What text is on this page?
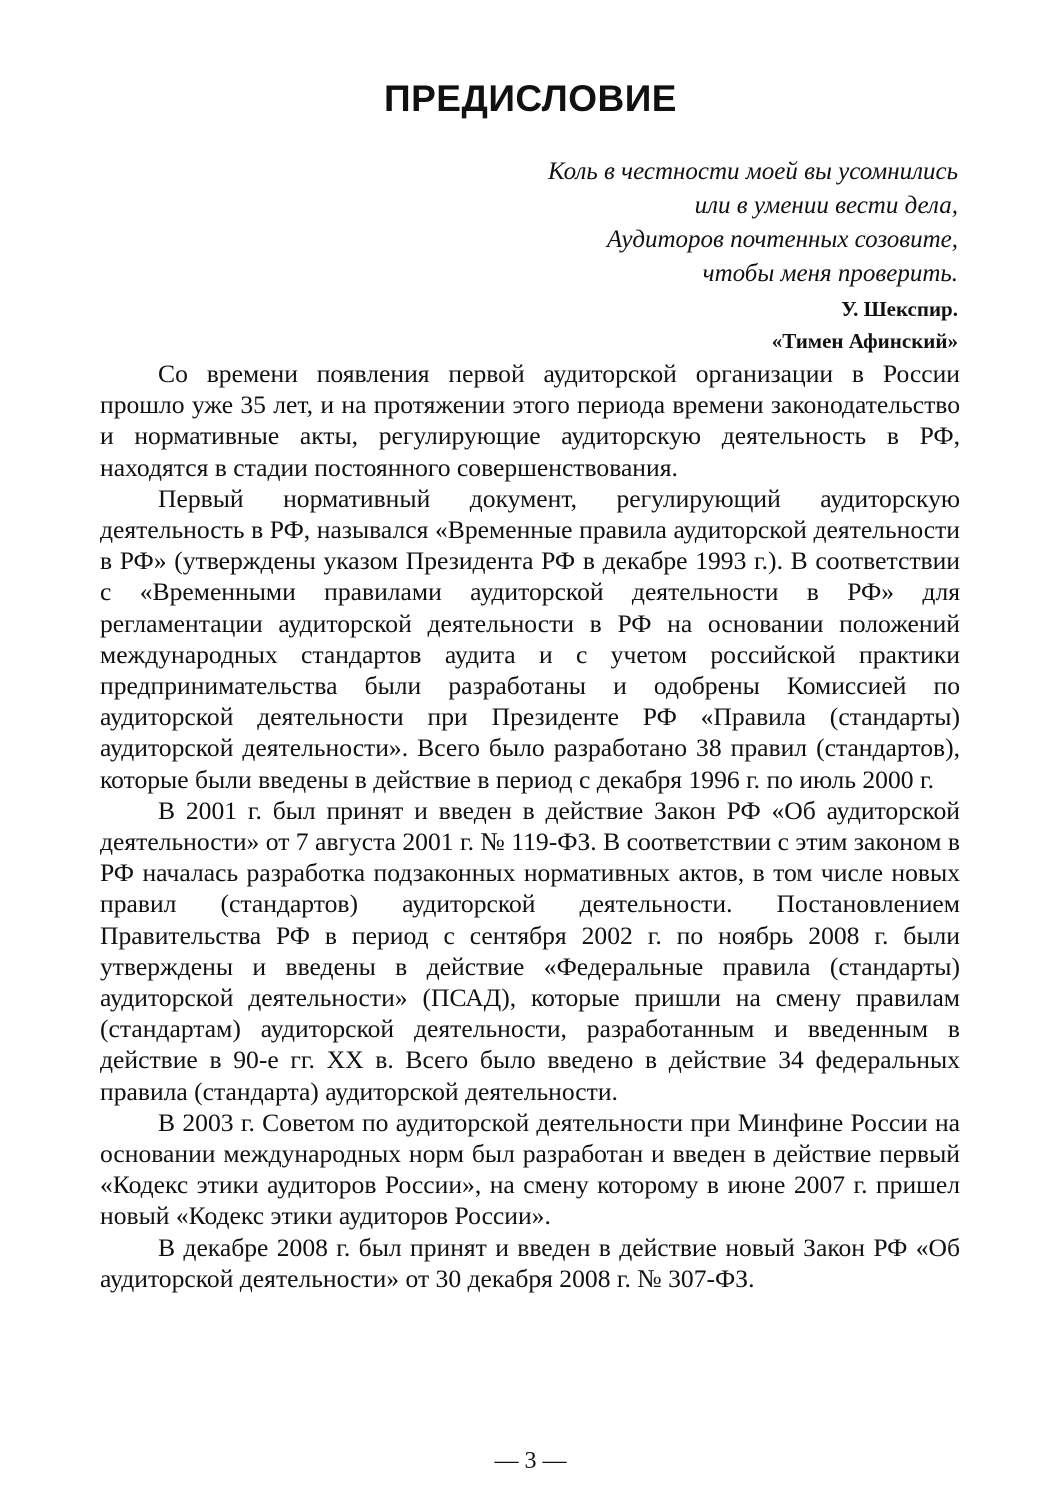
ПРЕДИСЛОВИЕ
Коль в честности моей вы усомнились
или в умении вести дела,
Аудиторов почтенных созовите,
чтобы меня проверить.
У. Шекспир.
«Тимен Афинский»

Со времени появления первой аудиторской организации в России прошло уже 35 лет, и на протяжении этого периода времени законодательство и нормативные акты, регулирующие аудиторскую деятельность в РФ, находятся в стадии постоянного совершенствования.

Первый нормативный документ, регулирующий аудиторскую деятельность в РФ, назывался «Временные правила аудиторской деятельности в РФ» (утверждены указом Президента РФ в декабре 1993 г.). В соответствии с «Временными правилами аудиторской деятельности в РФ» для регламентации аудиторской деятельности в РФ на основании положений международных стандартов аудита и с учетом российской практики предпринимательства были разработаны и одобрены Комиссией по аудиторской деятельности при Президенте РФ «Правила (стандарты) аудиторской деятельности». Всего было разработано 38 правил (стандартов), которые были введены в действие в период с декабря 1996 г. по июль 2000 г.

В 2001 г. был принят и введен в действие Закон РФ «Об аудиторской деятельности» от 7 августа 2001 г. № 119-ФЗ. В соответствии с этим законом в РФ началась разработка подзаконных нормативных актов, в том числе новых правил (стандартов) аудиторской деятельности. Постановлением Правительства РФ в период с сентября 2002 г. по ноябрь 2008 г. были утверждены и введены в действие «Федеральные правила (стандарты) аудиторской деятельности» (ПСАД), которые пришли на смену правилам (стандартам) аудиторской деятельности, разработанным и введенным в действие в 90-е гг. XX в. Всего было введено в действие 34 федеральных правила (стандарта) аудиторской деятельности.

В 2003 г. Советом по аудиторской деятельности при Минфине России на основании международных норм был разработан и введен в действие первый «Кодекс этики аудиторов России», на смену которому в июне 2007 г. пришел новый «Кодекс этики аудиторов России».

В декабре 2008 г. был принят и введен в действие новый Закон РФ «Об аудиторской деятельности» от 30 декабря 2008 г. № 307-ФЗ.

— 3 —
